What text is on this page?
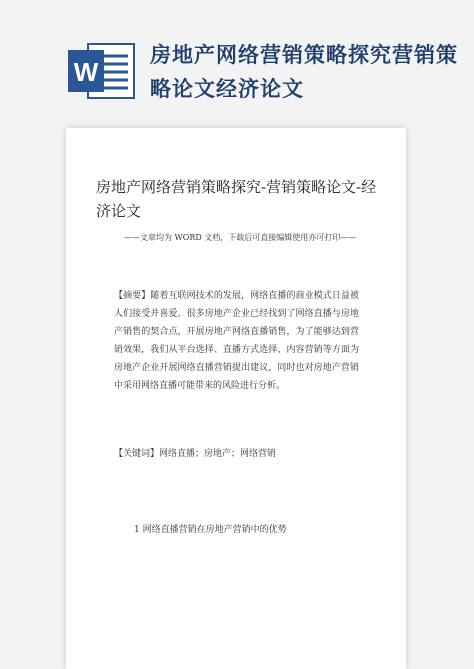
W
房地产网络营销策略探究营销策略论文经济论文
房地产网络营销策略探究-营销策略论文-经济论文
——文章均为 WORD 文档，下载后可直接编辑使用亦可打印——
【摘要】随着互联网技术的发展，网络直播的商业模式日益被人们接受并喜爱。很多房地产企业已经找到了网络直播与房地产销售的契合点，开展房地产网络直播销售，为了能够达到营销效果，我们从平台选择、直播方式选择、内容营销等方面为房地产企业开展网络直播营销提出建议，同时也对房地产营销中采用网络直播可能带来的风险进行分析。
【关键词】网络直播；房地产；网络营销
1 网络直播营销在房地产营销中的优势
